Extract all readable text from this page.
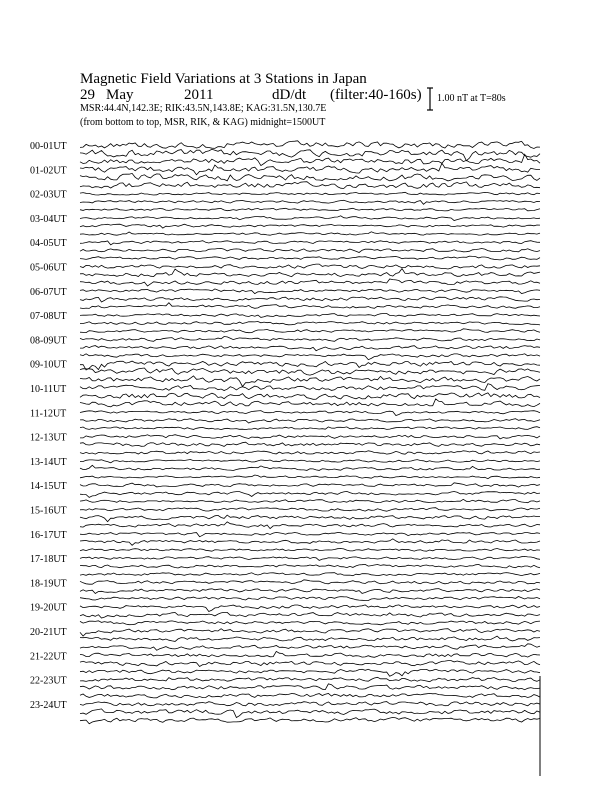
Magnetic Field Variations at 3 Stations in Japan
29 May	2011	dD/dt (filter:40-160s)
MSR:44.4N,142.3E; RIK:43.5N,143.8E; KAG:31.5N,130.7E
(from bottom to top, MSR, RIK, & KAG) midnight=1500UT
1.00 nT at T=80s
00-01UT
01-02UT
02-03UT
03-04UT
04-05UT
05-06UT
06-07UT
07-08UT
08-09UT
09-10UT
10-11UT
11-12UT
12-13UT
13-14UT
14-15UT
15-16UT
16-17UT
17-18UT
18-19UT
19-20UT
20-21UT
21-22UT
22-23UT
23-24UT
